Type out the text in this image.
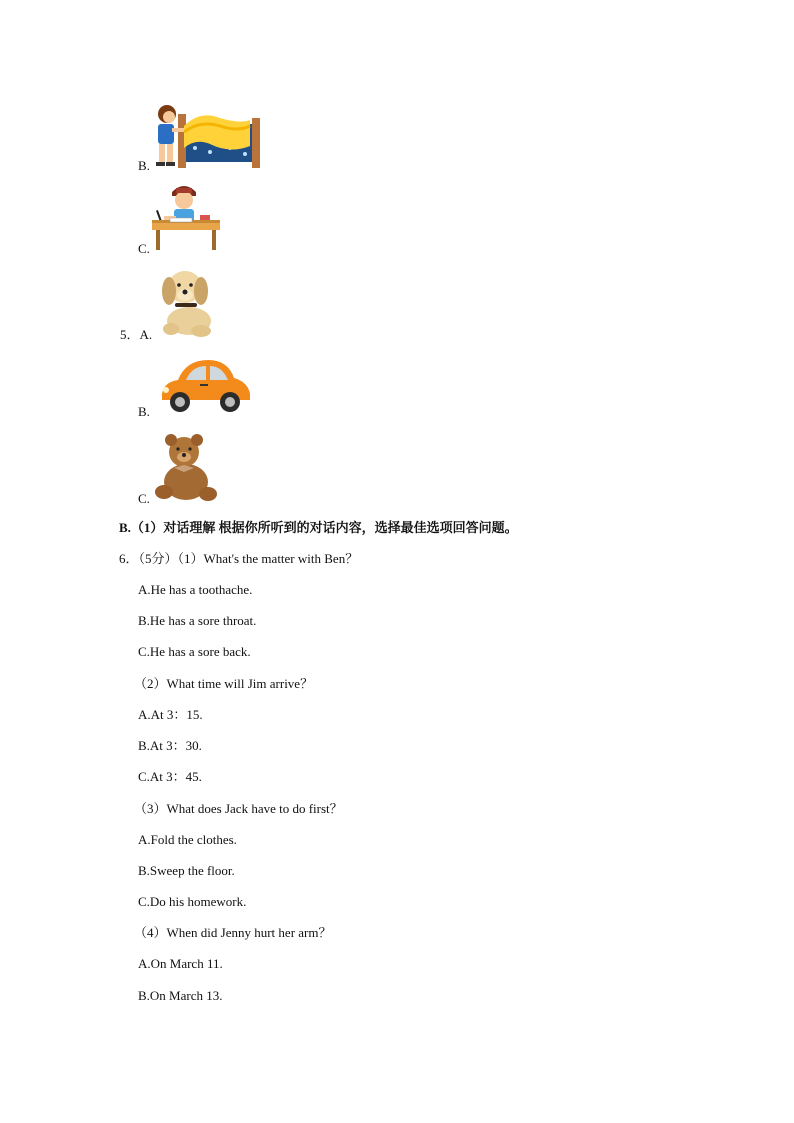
B.
C.
5．A.
B.
C.
B.（1）对话理解 根据你所听到的对话内容，选择最佳选项回答问题。
6．（5分）（1）What's the matter with Ben？
A.He has a toothache.
B.He has a sore throat.
C.He has a sore back.
（2）What time will Jim arrive？
A.At 3：15.
B.At 3：30.
C.At 3：45.
（3）What does Jack have to do first？
A.Fold the clothes.
B.Sweep the floor.
C.Do his homework.
（4）When did Jenny hurt her arm？
A.On March 11.
B.On March 13.
